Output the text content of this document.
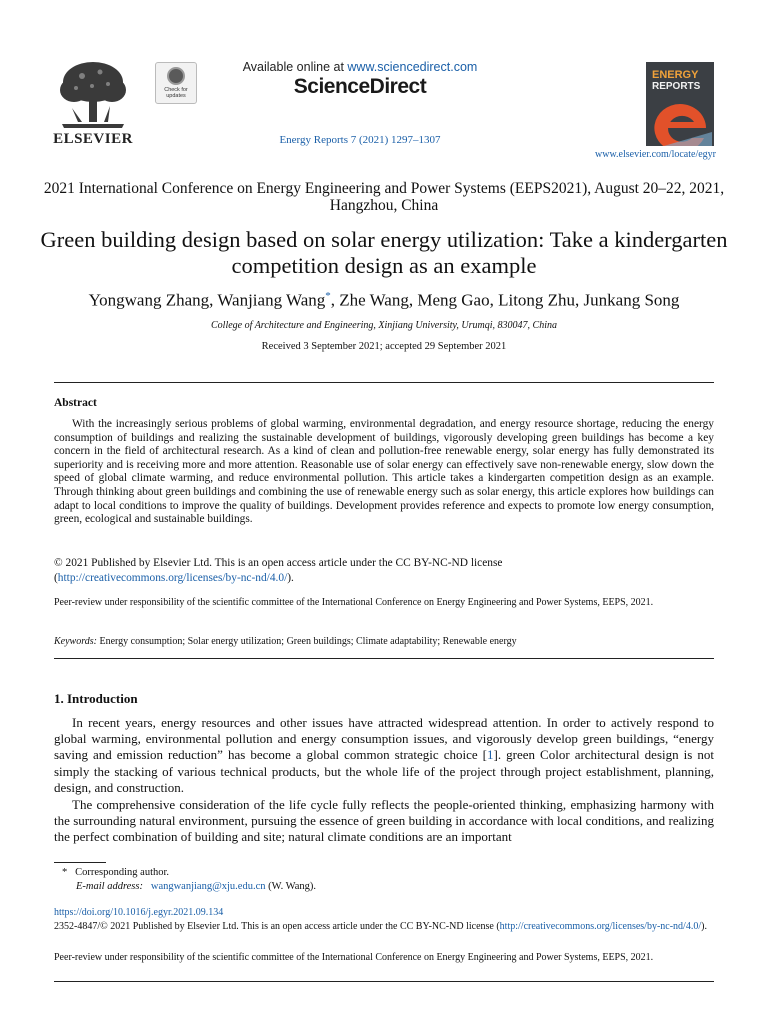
ELSEVIER
Check for updates
Available online at www.sciencedirect.com
ScienceDirect
Energy Reports 7 (2021) 1297–1307
ENERGY
REPORTS
www.elsevier.com/locate/egyr
2021 International Conference on Energy Engineering and Power Systems (EEPS2021), August 20–22, 2021, Hangzhou, China
Green building design based on solar energy utilization: Take a kindergarten competition design as an example
Yongwang Zhang, Wanjiang Wang*, Zhe Wang, Meng Gao, Litong Zhu, Junkang Song
College of Architecture and Engineering, Xinjiang University, Urumqi, 830047, China
Received 3 September 2021; accepted 29 September 2021
Abstract
With the increasingly serious problems of global warming, environmental degradation, and energy resource shortage, reducing the energy consumption of buildings and realizing the sustainable development of buildings, vigorously developing green buildings has become a key concern in the field of architectural research. As a kind of clean and pollution-free renewable energy, solar energy has fully demonstrated its superiority and is receiving more and more attention. Reasonable use of solar energy can effectively save non-renewable energy, slow down the speed of global climate warming, and reduce environmental pollution. This article takes a kindergarten competition design as an example. Through thinking about green buildings and combining the use of renewable energy such as solar energy, this article explores how buildings can adapt to local conditions to improve the quality of buildings. Development provides reference and expects to promote low energy consumption, green, ecological and sustainable buildings.
© 2021 Published by Elsevier Ltd. This is an open access article under the CC BY-NC-ND license
(http://creativecommons.org/licenses/by-nc-nd/4.0/).
Peer-review under responsibility of the scientific committee of the International Conference on Energy Engineering and Power Systems, EEPS, 2021.
Keywords: Energy consumption; Solar energy utilization; Green buildings; Climate adaptability; Renewable energy
1. Introduction
In recent years, energy resources and other issues have attracted widespread attention. In order to actively respond to global warming, environmental pollution and energy consumption issues, and vigorously develop green buildings, “energy saving and emission reduction” has become a global common strategic choice [1]. green Color architectural design is not simply the stacking of various technical products, but the whole life of the project through project establishment, planning, design, and construction.
The comprehensive consideration of the life cycle fully reflects the people-oriented thinking, emphasizing harmony with the surrounding natural environment, pursuing the essence of green building in accordance with local conditions, and realizing the perfect combination of building and site; natural climate conditions are an important
* Corresponding author.
E-mail address: wangwanjiang@xju.edu.cn (W. Wang).
https://doi.org/10.1016/j.egyr.2021.09.134
2352-4847/© 2021 Published by Elsevier Ltd. This is an open access article under the CC BY-NC-ND license (http://creativecommons.org/licenses/by-nc-nd/4.0/).
Peer-review under responsibility of the scientific committee of the International Conference on Energy Engineering and Power Systems, EEPS, 2021.
